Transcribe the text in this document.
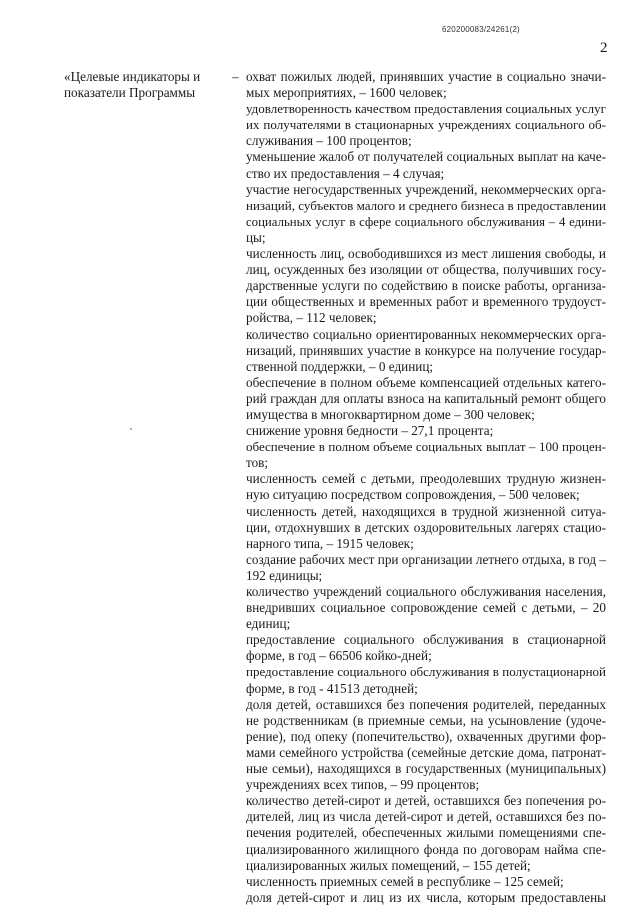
620200083/24261(2)
2
«Целевые индикаторы и показатели Программы
– охват пожилых людей, принявших участие в социально значи-
мых мероприятиях, – 1600 человек;
удовлетворенность качеством предоставления социальных услуг
их получателями в стационарных учреждениях социального об-
служивания – 100 процентов;
уменьшение жалоб от получателей социальных выплат на каче-
ство их предоставления – 4 случая;
участие негосударственных учреждений, некоммерческих орга-
низаций, субъектов малого и среднего бизнеса в предоставлении
социальных услуг в сфере социального обслуживания – 4 едини-
цы;
численность лиц, освободившихся из мест лишения свободы, и
лиц, осужденных без изоляции от общества, получивших госу-
дарственные услуги по содействию в поиске работы, организа-
ции общественных и временных работ и временного трудоуст-
ройства, – 112 человек;
количество социально ориентированных некоммерческих орга-
низаций, принявших участие в конкурсе на получение государ-
ственной поддержки, – 0 единиц;
обеспечение в полном объеме компенсацией отдельных катего-
рий граждан для оплаты взноса на капитальный ремонт общего
имущества в многоквартирном доме – 300 человек;
снижение уровня бедности – 27,1 процента;
обеспечение в полном объеме социальных выплат – 100 процен-
тов;
численность семей с детьми, преодолевших трудную жизнен-
ную ситуацию посредством сопровождения, – 500 человек;
численность детей, находящихся в трудной жизненной ситуа-
ции, отдохнувших в детских оздоровительных лагерях стацио-
нарного типа, – 1915 человек;
создание рабочих мест при организации летнего отдыха, в год –
192 единицы;
количество учреждений социального обслуживания населения,
внедривших социальное сопровождение семей с детьми, – 20
единиц;
предоставление социального обслуживания в стационарной
форме, в год – 66506 койко-дней;
предоставление социального обслуживания в полустационарной
форме, в год - 41513 детодней;
доля детей, оставшихся без попечения родителей, переданных
не родственникам (в приемные семьи, на усыновление (удоче-
рение), под опеку (попечительство), охваченных другими фор-
мами семейного устройства (семейные детские дома, патронат-
ные семьи), находящихся в государственных (муниципальных)
учреждениях всех типов, – 99 процентов;
количество детей-сирот и детей, оставшихся без попечения ро-
дителей, лиц из числа детей-сирот и детей, оставшихся без по-
печения родителей, обеспеченных жилыми помещениями спе-
циализированного жилищного фонда по договорам найма спе-
циализированных жилых помещений, – 155 детей;
численность приемных семей в республике – 125 семей;
доля детей-сирот и лиц из их числа, которым предоставлены
